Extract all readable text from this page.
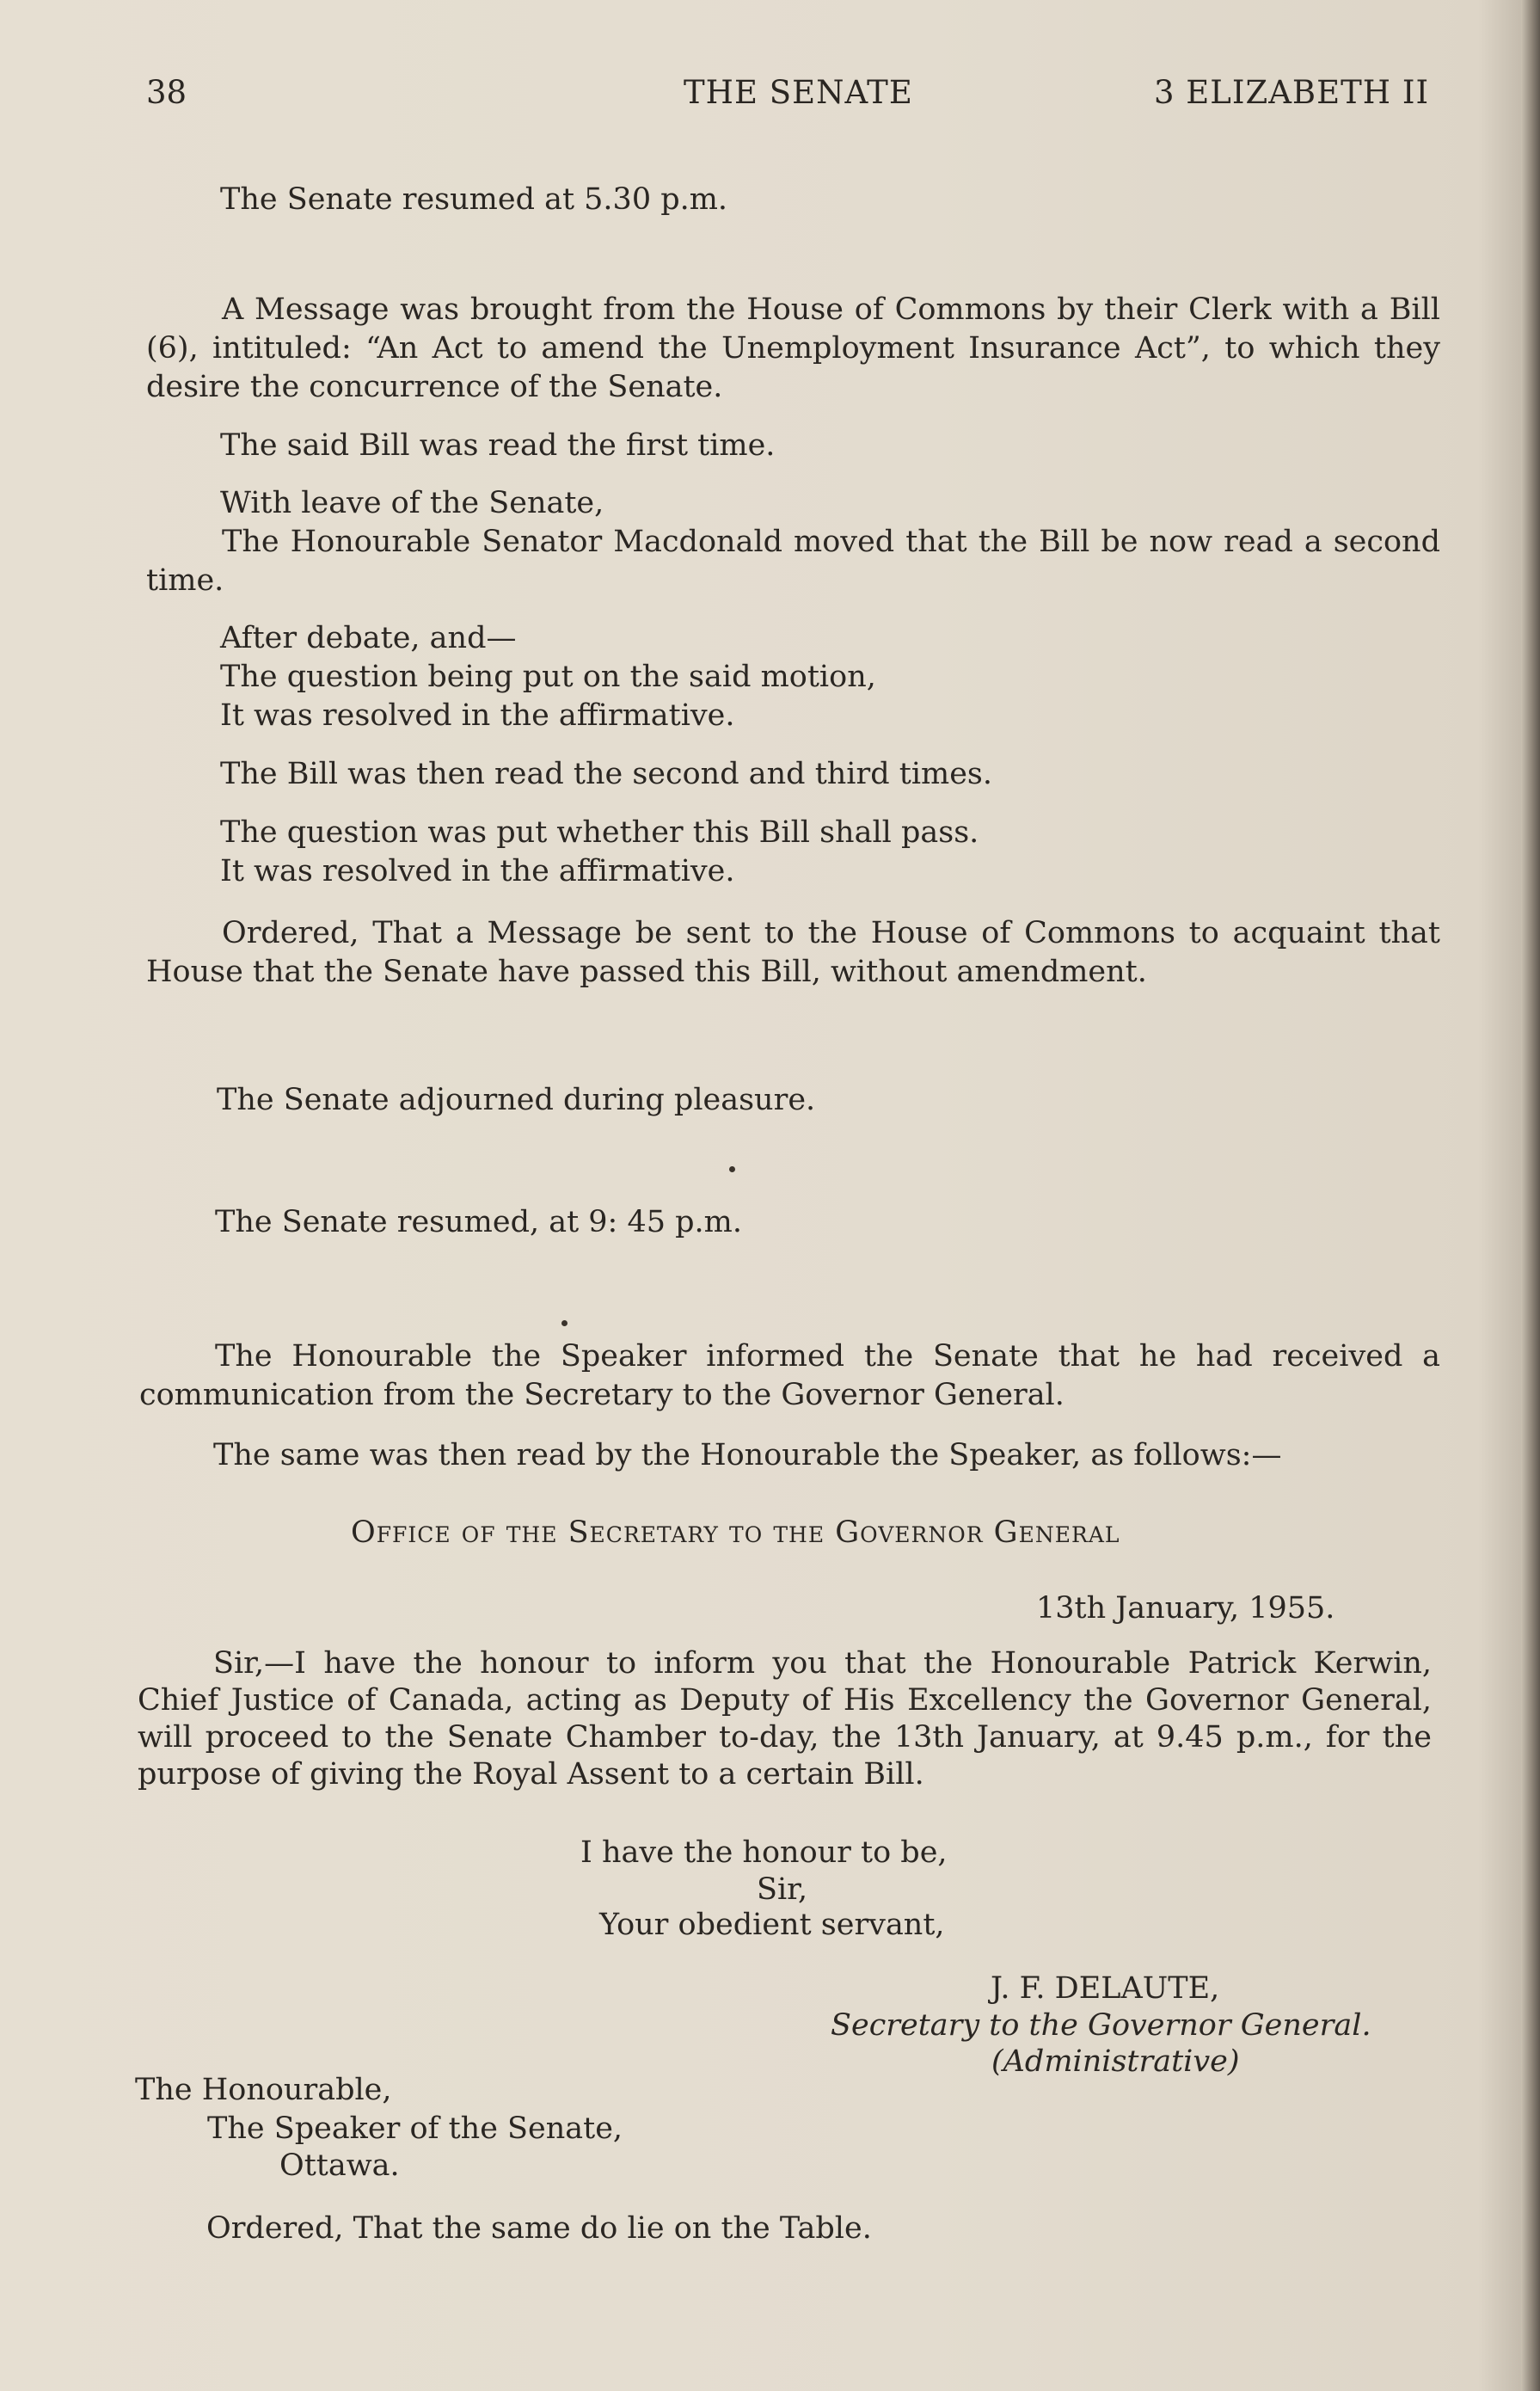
38	THE SENATE	3 ELIZABETH II
The Senate resumed at 5.30 p.m.
A Message was brought from the House of Commons by their Clerk with a Bill (6), intituled: “An Act to amend the Unemployment Insurance Act”, to which they desire the concurrence of the Senate.
The said Bill was read the first time.
With leave of the Senate,
The Honourable Senator Macdonald moved that the Bill be now read a second time.
After debate, and—
The question being put on the said motion,
It was resolved in the affirmative.
The Bill was then read the second and third times.
The question was put whether this Bill shall pass.
It was resolved in the affirmative.
Ordered, That a Message be sent to the House of Commons to acquaint that House that the Senate have passed this Bill, without amendment.
The Senate adjourned during pleasure.
The Senate resumed, at 9: 45 p.m.
The Honourable the Speaker informed the Senate that he had received a communication from the Secretary to the Governor General.
The same was then read by the Honourable the Speaker, as follows:—
Office of the Secretary to the Governor General
13th January, 1955.
Sir,—I have the honour to inform you that the Honourable Patrick Kerwin, Chief Justice of Canada, acting as Deputy of His Excellency the Governor General, will proceed to the Senate Chamber to-day, the 13th January, at 9.45 p.m., for the purpose of giving the Royal Assent to a certain Bill.
I have the honour to be,
Sir,
Your obedient servant,
J. F. DELAUTE,
Secretary to the Governor General.
(Administrative)
The Honourable,
The Speaker of the Senate,
Ottawa.
Ordered, That the same do lie on the Table.
